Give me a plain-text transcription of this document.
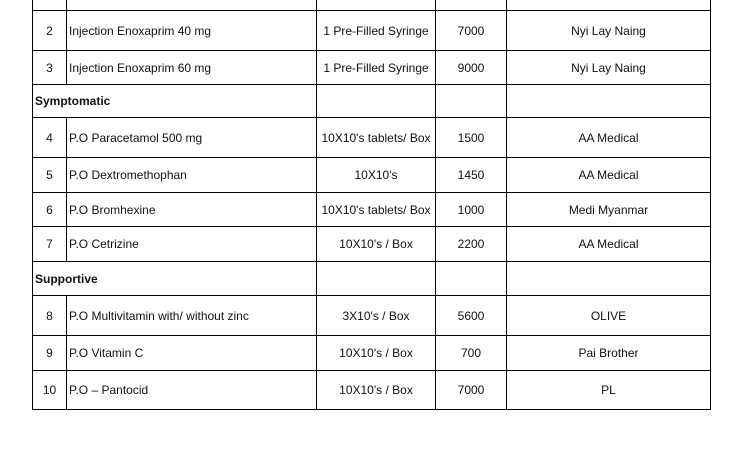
2	Injection Enoxaprim 40 mg	1 Pre-Filled Syringe	7000	Nyi Lay Naing
3	Injection Enoxaprim 60 mg	1 Pre-Filled Syringe	9000	Nyi Lay Naing
Symptomatic				
4	P.O Paracetamol 500 mg	10X10's tablets/ Box	1500	AA Medical
5	P.O Dextromethophan	10X10's	1450	AA Medical
6	P.O Bromhexine	10X10's tablets/ Box	1000	Medi Myanmar
7	P.O Cetrizine	10X10's / Box	2200	AA Medical
Supportive				
8	P.O Multivitamin with/ without zinc	3X10's / Box	5600	OLIVE
9	P.O Vitamin C	10X10's / Box	700	Pai Brother
10	P.O – Pantocid	10X10's / Box	7000	PL
